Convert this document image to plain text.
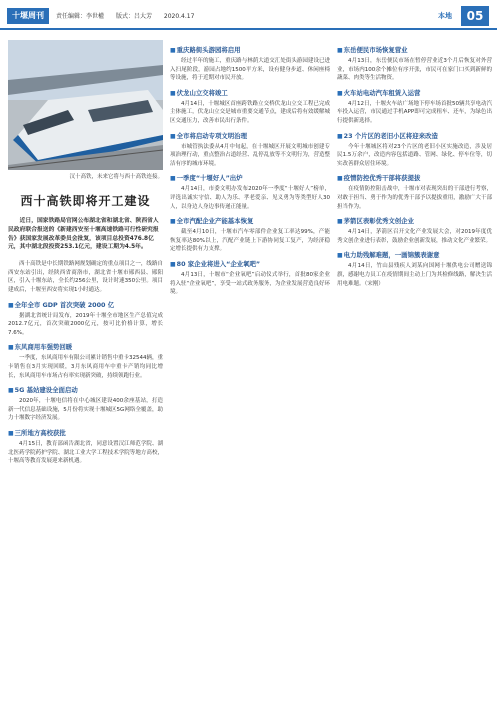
十堰周刊	责任编辑：李世權 版式：吕大芳 2020.4.17	本地	05
汉十高铁，未来它将与西十高铁连接。
西十高铁即将开工建设

近日，国家铁路局官网公布湖北省和湖北省、陕西省人民政府联合报送的《新建西安至十堰高速铁路可行性研究报告》获国家发展改革委员会批复，该项目总投资476.8亿元，其中湖北段投资253.1亿元，建设工期为4.5年。

西十高铁是中长期铁路网规划确定的重点项目之一，线路自西安东站引出，经陕西省商洛市，湖北省十堰市郧西县、郧阳区，引入十堰东站，全长约256公里，设计时速350公里。项目建成后，十堰至西安将实现1小时通达。

■ 全年全市 GDP 首次突破 2000 亿

据湖北省统计局发布，2019年十堰全市地区生产总值完成2012.7亿元，首次突破2000亿元，按可比价格计算，增长7.6%。

■ 东风商用车强势回暖

一季度，东风商用车有限公司累计销售中重卡32544辆，重卡销售在3月实现回暖，3月东风商用车中重卡产销均同比增长，东风商用车市场占有率实现新突破，持续领跑行业。

■ 5G 基站建设全面启动

2020年，十堰电信将在中心城区建设400余座基站，打造新一代信息基础设施，5月份将实现十堰城区5G网络全覆盖，助力十堰数字经济发展。

■ 三所地方高校获批

4月15日，教育部函告湖北省，同意设置汉江师范学院、湖北医药学院药护学院、湖北工业大学工程技术学院等地方高校，十堰高等教育发展迎来新机遇。

■ 重庆路街头游园将启用

经过半年的施工，重庆路与林荫大道交汇处街头游园建设已进入扫尾阶段，游园占地约1500平方米，设有健身步道、休闲座椅等设施，将于近期对市民开放。

■ 伏龙山立交将竣工

4月14日，十堰城区首座跨铁路立交桥伏龙山立交工程已完成主体施工，伏龙山立交是城市重要交通节点，建成后将有效缓解城区交通压力，改善市民出行条件。

■ 全市将启动专项文明治理

市城管执法委从4月中旬起，在十堰城区开展文明城市创建专项治理行动，重点整治占道经营、乱停乱放等不文明行为，营造整洁有序的城市环境。

■ 一季度“十堰好人”出炉

4月14日，市委文明办发布2020年一季度“十堰好人”榜单，评选出诚实守信、助人为乐、孝老爱亲、见义勇为等类型好人30人，以身边人身边事传递正能量。

■ 全市汽配企业产能基本恢复

截至4月10日，十堰市汽车零部件企业复工率达99%，产能恢复率达80%以上，汽配产业链上下游协同复工复产，为经济稳定增长提供有力支撑。

■ 80 家企业将进入“企业氧吧”

4月13日，十堰市“企业氧吧”启动仪式举行，首批80家企业将入驻“企业氧吧”，享受一站式政务服务，为企业发展营造良好环境。

■ 东岳便民市场恢复营业

4月13日，东岳便民市场在暂停营业近3个月后恢复对外营业，市场内100余个摊位有序开张，市民可在家门口买到新鲜的蔬菜、肉类等生活物资。

■ 火车站电动汽车租赁入运营

4月12日，十堰火车站广场地下停车场首批50辆共享电动汽车投入运营，市民通过手机APP即可完成租车、还车，为绿色出行提供新选择。

■ 23 个片区的老旧小区将迎来改造

今年十堰城区将对23个片区的老旧小区实施改造，涉及居民1.5万余户，改造内容包括道路、管网、绿化、停车位等，切实改善群众居住环境。

■ 疫情防控优秀干部将获提拔

在疫情防控阻击战中，十堰市对表现突出的干部进行考察，对敢于担当、勇于作为的优秀干部予以提拔重用，激励广大干部担当作为。

■ 茅箭区表彰优秀文创企业

4月14日，茅箭区召开文化产业发展大会，对2019年度优秀文创企业进行表彰，鼓励企业创新发展，推动文化产业繁荣。

■ 电力助残解难题，一画锦簇表谢意

4月14日，竹山县残疾人刘某向国网十堰供电公司赠送锦旗，感谢电力员工在疫情期间主动上门为其检修线路，解决生活用电难题。（宋刚）
